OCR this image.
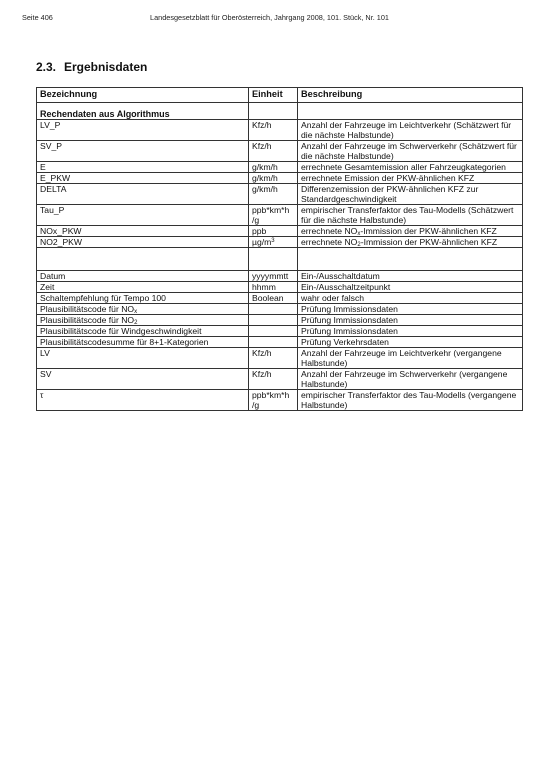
Seite 406	Landesgesetzblatt für Oberösterreich, Jahrgang 2008, 101. Stück, Nr. 101
2.3. Ergebnisdaten
Bezeichnung	Einheit	Beschreibung
Rechendaten aus Algorithmus		
LV_P	Kfz/h	Anzahl der Fahrzeuge im Leichtverkehr (Schätzwert für die nächste Halbstunde)
SV_P	Kfz/h	Anzahl der Fahrzeuge im Schwerverkehr (Schätzwert für die nächste Halbstunde)
E	g/km/h	errechnete Gesamtemission aller Fahrzeugkategorien
E_PKW	g/km/h	errechnete Emission der PKW-ähnlichen KFZ
DELTA	g/km/h	Differenzemission der PKW-ähnlichen KFZ zur Standardgeschwindigkeit
Tau_P	ppb*km*h /g	empirischer Transferfaktor des Tau-Modells (Schätzwert für die nächste Halbstunde)
NOx_PKW	ppb	errechnete $NO_x$-Immission der PKW-ähnlichen KFZ
NO2_PKW	$\mu g/m^3$	errechnete $NO_2$-Immission der PKW-ähnlichen KFZ

Datum	yyyymmtt	Ein-/Ausschaltdatum
Zeit	hhmm	Ein-/Ausschaltzeitpunkt
Schaltempfehlung für Tempo 100	Boolean	wahr oder falsch
Plausibilitätscode für $NO_x$		Prüfung Immissionsdaten
Plausibilitätscode für $NO_2$		Prüfung Immissionsdaten
Plausibilitätscode für Windgeschwindigkeit		Prüfung Immissionsdaten
Plausibilitätscodesumme für 8+1-Kategorien		Prüfung Verkehrsdaten
LV	Kfz/h	Anzahl der Fahrzeuge im Leichtverkehr (vergangene Halbstunde)
SV	Kfz/h	Anzahl der Fahrzeuge im Schwerverkehr (vergangene Halbstunde)
τ	ppb*km*h /g	empirischer Transferfaktor des Tau-Modells (vergangene Halbstunde)
